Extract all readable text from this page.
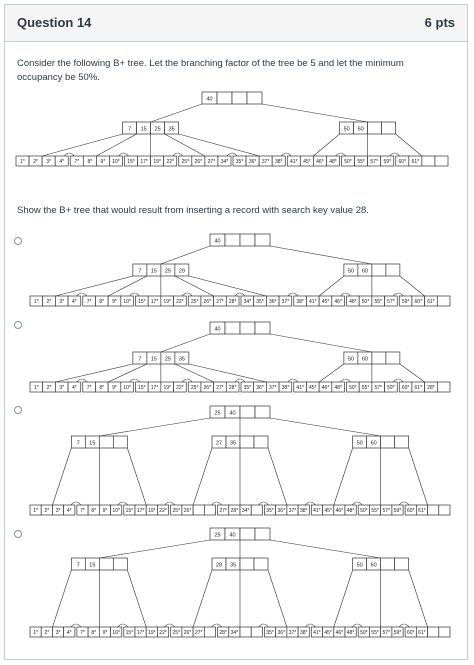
Question 14	6 pts
Consider the following B+ tree. Let the branching factor of the tree be 5 and let the minimum occupancy be 50%.
Show the B+ tree that would result from inserting a record with search key value 28.
1* 2* 3* 4* 7* 8* 9* 10* 15* 17* 19* 22* 25* 26* 27* 34* 35* 36* 37* 38* 41* 45* 46* 48* 50* 55* 57* 59* 60* 61*
7 15 25 35	50 60
40
1* 2* 3* 4* 7* 8* 9* 10* 15* 17* 19* 22* 25* 26* 27* 28* 34* 35* 36* 37* 38* 41* 45* 46* 48* 50* 55* 57* 59* 60* 61*
7 15 25 29	50 60
40
1* 2* 3* 4* 7* 8* 9* 10* 15* 17* 19* 22* 25* 26* 27* 28* 35* 36* 37* 38* 41* 45* 46* 48* 50* 55* 57* 59* 60* 61* 28*
7 15 25 35	50 60
40
1* 2* 3* 4* 7* 8* 9* 10* 15* 17* 19* 22* 25* 26*	27* 28* 34*	35* 36* 37* 38* 41* 45* 46* 48* 50* 55* 57* 59* 60* 61*
7 15	27 35	50 60
25 40
1* 2* 3* 4* 7* 8* 9* 10* 15* 17* 19* 22* 25* 26* 27*	28* 34*	35* 36* 37* 38* 41* 45* 46* 48* 50* 55* 57* 59* 60* 61*
7 15	28 35	50 60
25 40
